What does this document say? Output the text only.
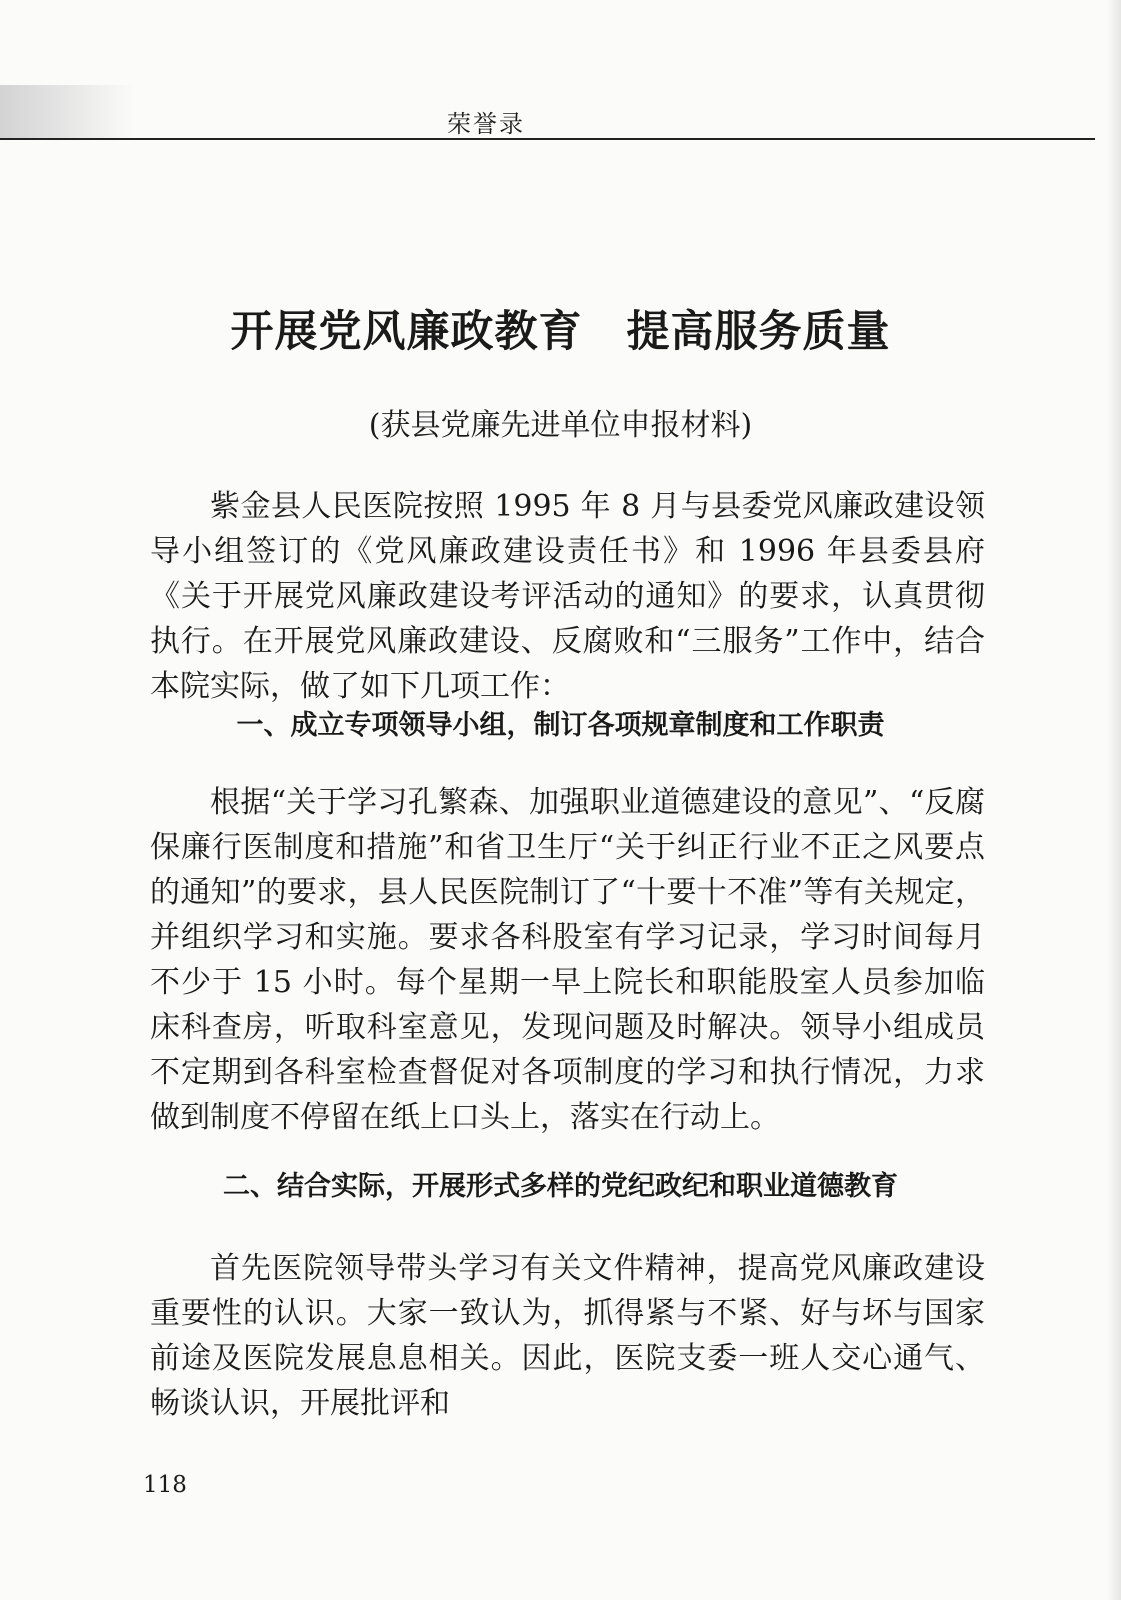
荣誉录
开展党风廉政教育　提高服务质量
(获县党廉先进单位申报材料)

紫金县人民医院按照 1995 年 8 月与县委党风廉政建设领导小组签订的《党风廉政建设责任书》和 1996 年县委县府《关于开展党风廉政建设考评活动的通知》的要求，认真贯彻执行。在开展党风廉政建设、反腐败和“三服务”工作中，结合本院实际，做了如下几项工作：

一、成立专项领导小组，制订各项规章制度和工作职责

根据“关于学习孔繁森、加强职业道德建设的意见”、“反腐保廉行医制度和措施”和省卫生厅“关于纠正行业不正之风要点的通知”的要求，县人民医院制订了“十要十不准”等有关规定，并组织学习和实施。要求各科股室有学习记录，学习时间每月不少于 15 小时。每个星期一早上院长和职能股室人员参加临床科查房，听取科室意见，发现问题及时解决。领导小组成员不定期到各科室检查督促对各项制度的学习和执行情况，力求做到制度不停留在纸上口头上，落实在行动上。

二、结合实际，开展形式多样的党纪政纪和职业道德教育

首先医院领导带头学习有关文件精神，提高党风廉政建设重要性的认识。大家一致认为，抓得紧与不紧、好与坏与国家前途及医院发展息息相关。因此，医院支委一班人交心通气、畅谈认识，开展批评和

118
